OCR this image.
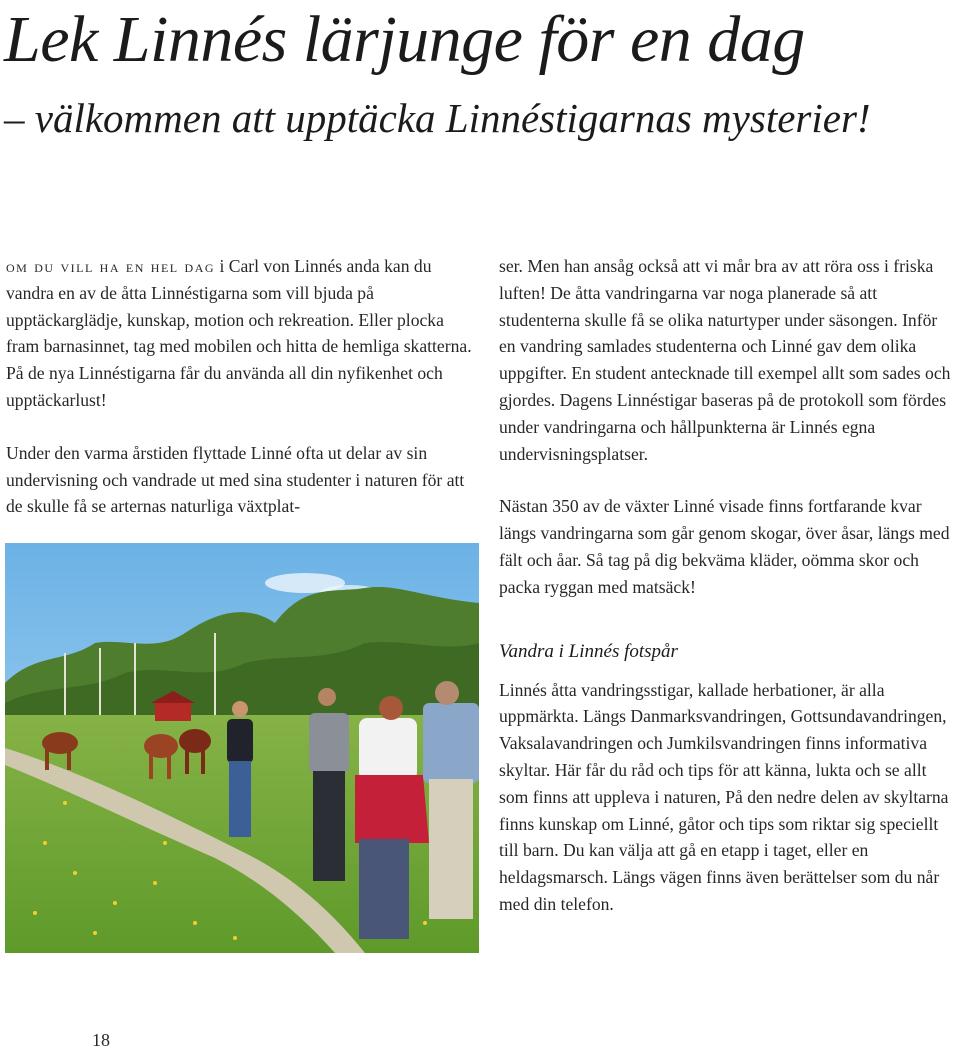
Lek Linnés lärjunge för en dag
– välkommen att upptäcka Linnéstigarnas mysterier!

om du vill ha en hel dag i Carl von Linnés anda kan du vandra en av de åtta Linnéstigarna som vill bjuda på upptäckarglädje, kunskap, motion och rekreation. Eller plocka fram barnasinnet, tag med mobilen och hitta de hemliga skatterna. På de nya Linnéstigarna får du använda all din nyfikenhet och upptäckarlust!

Under den varma årstiden flyttade Linné ofta ut delar av sin undervisning och vandrade ut med sina studenter i naturen för att de skulle få se arternas naturliga växtplat-

ser. Men han ansåg också att vi mår bra av att röra oss i friska luften! De åtta vandringarna var noga planerade så att studenterna skulle få se olika naturtyper under säsongen. Inför en vandring samlades studenterna och Linné gav dem olika uppgifter. En student antecknade till exempel allt som sades och gjordes. Dagens Linnéstigar baseras på de protokoll som fördes under vandringarna och hållpunkterna är Linnés egna undervisningsplatser.

Nästan 350 av de växter Linné visade finns fortfarande kvar längs vandringarna som går genom skogar, över åsar, längs med fält och åar. Så tag på dig bekväma kläder, oömma skor och packa ryggan med matsäck!

Vandra i Linnés fotspår

Linnés åtta vandringsstigar, kallade herbationer, är alla uppmärkta. Längs Danmarksvandringen, Gottsundavandringen, Vaksalavandringen och Jumkilsvandringen finns informativa skyltar. Här får du råd och tips för att känna, lukta och se allt som finns att uppleva i naturen, På den nedre delen av skyltarna finns kunskap om Linné, gåtor och tips som riktar sig speciellt till barn. Du kan välja att gå en etapp i taget, eller en heldagsmarsch. Längs vägen finns även berättelser som du når med din telefon.

18
